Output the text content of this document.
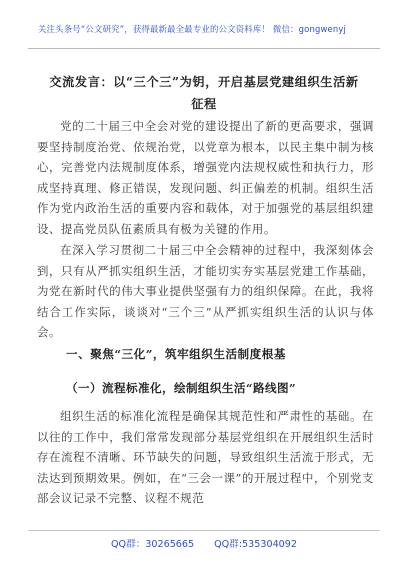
关注头条号“公文研究”，获得最新最全最专业的公文资料库！ 微信：gongwenyj
交流发言：以“三个三”为钥，开启基层党建组织生活新
征程

党的二十届三中全会对党的建设提出了新的更高要求，强调要坚持制度治党、依规治党，以党章为根本，以民主集中制为核心，完善党内法规制度体系，增强党内法规权威性和执行力，形成坚持真理、修正错误，发现问题、纠正偏差的机制。组织生活作为党内政治生活的重要内容和载体，对于加强党的基层组织建设、提高党员队伍素质具有极为关键的作用。

在深入学习贯彻二十届三中全会精神的过程中，我深刻体会到，只有从严抓实组织生活，才能切实夯实基层党建工作基础，为党在新时代的伟大事业提供坚强有力的组织保障。在此，我将结合工作实际，谈谈对“三个三”从严抓实组织生活的认识与体会。

一、聚焦“三化”，筑牢组织生活制度根基
（一）流程标准化，绘制组织生活“路线图”

组织生活的标准化流程是确保其规范性和严肃性的基础。在以往的工作中，我们常常发现部分基层党组织在开展组织生活时存在流程不清晰、环节缺失的问题，导致组织生活流于形式，无法达到预期效果。例如，在“三会一课”的开展过程中，个别党支部会议记录不完整、议程不规范

QQ群：30265665 QQ群:535304092
